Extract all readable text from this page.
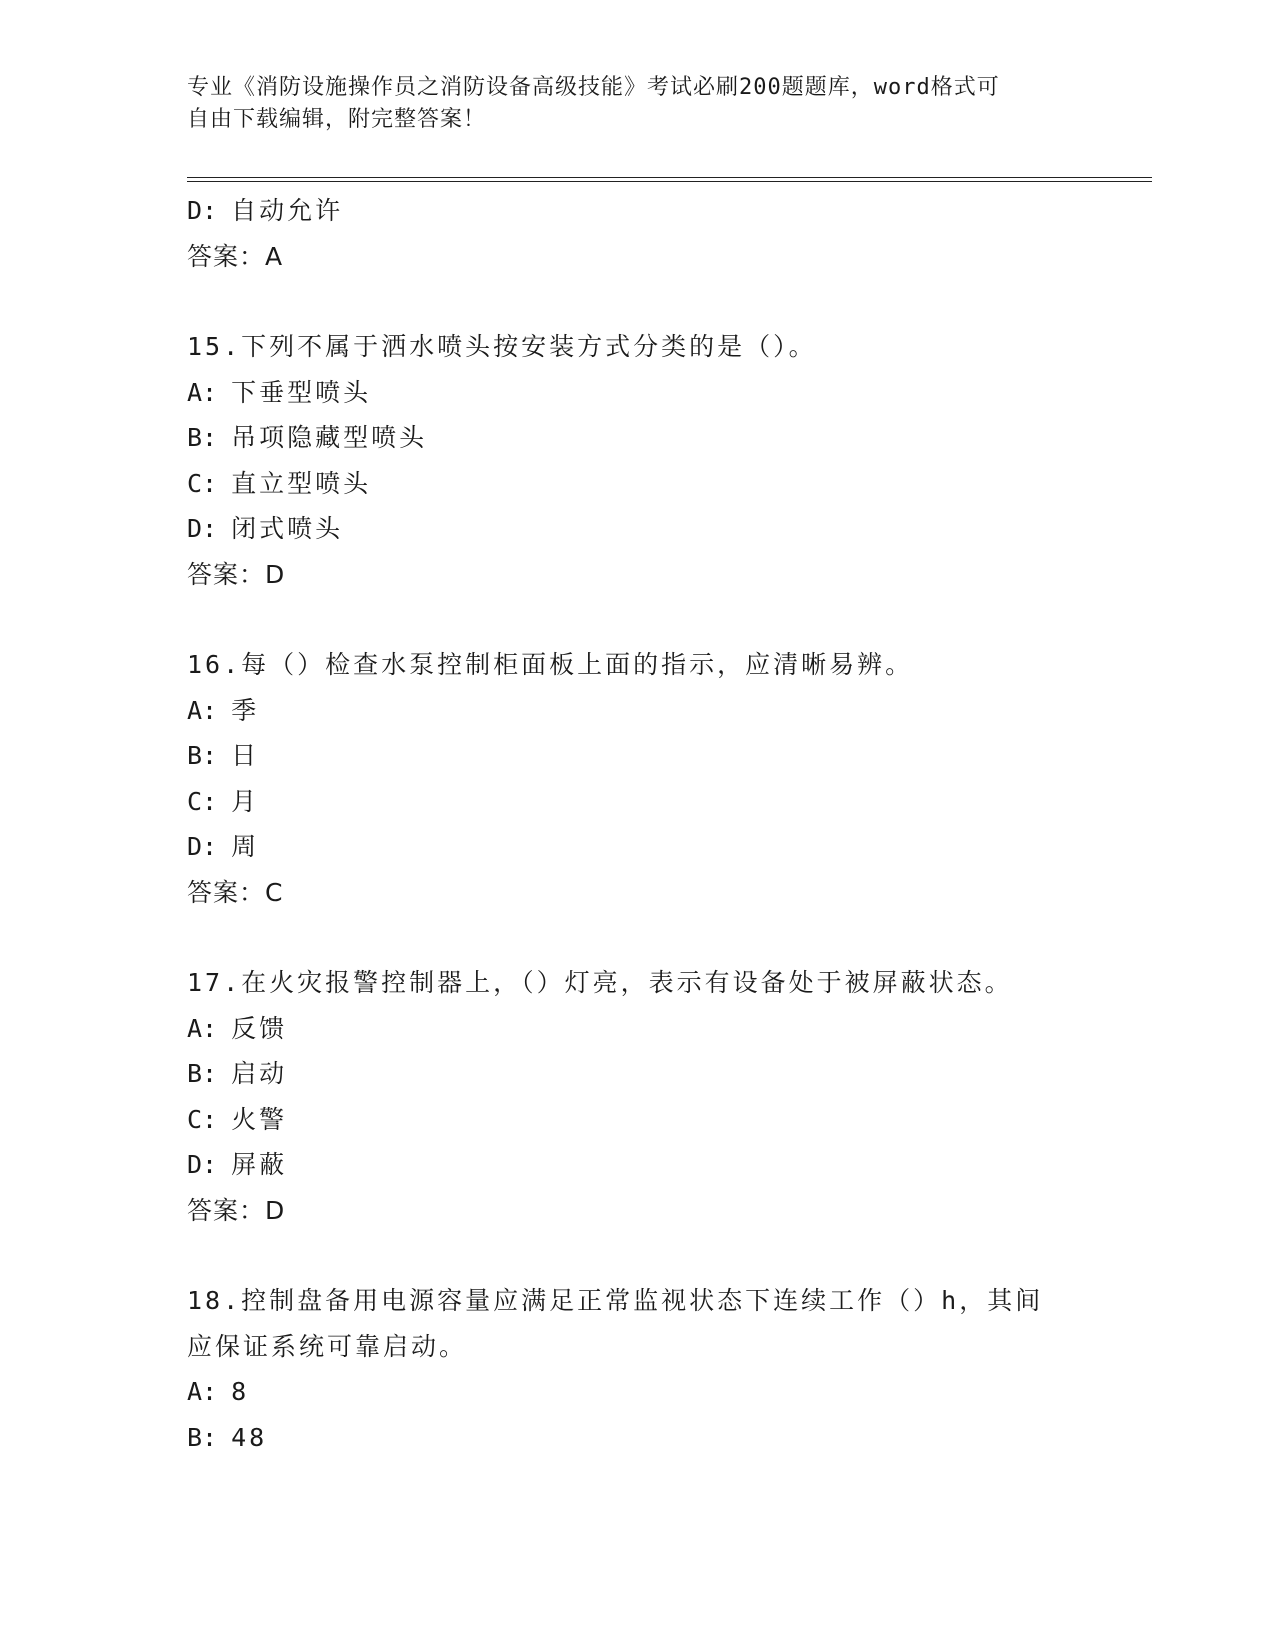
专业《消防设施操作员之消防设备高级技能》考试必刷200题题库，word格式可
自由下载编辑，附完整答案！
D: 自动允许
答案：A
15.下列不属于洒水喷头按安装方式分类的是（）。
A: 下垂型喷头
B: 吊项隐藏型喷头
C: 直立型喷头
D: 闭式喷头
答案：D
16.每（）检查水泵控制柜面板上面的指示，应清晰易辨。
A: 季
B: 日
C: 月
D: 周
答案：C
17.在火灾报警控制器上，（）灯亮，表示有设备处于被屏蔽状态。
A: 反馈
B: 启动
C: 火警
D: 屏蔽
答案：D
18.控制盘备用电源容量应满足正常监视状态下连续工作（）h，其间应保证系统可靠启动。
A: 8
B: 48
